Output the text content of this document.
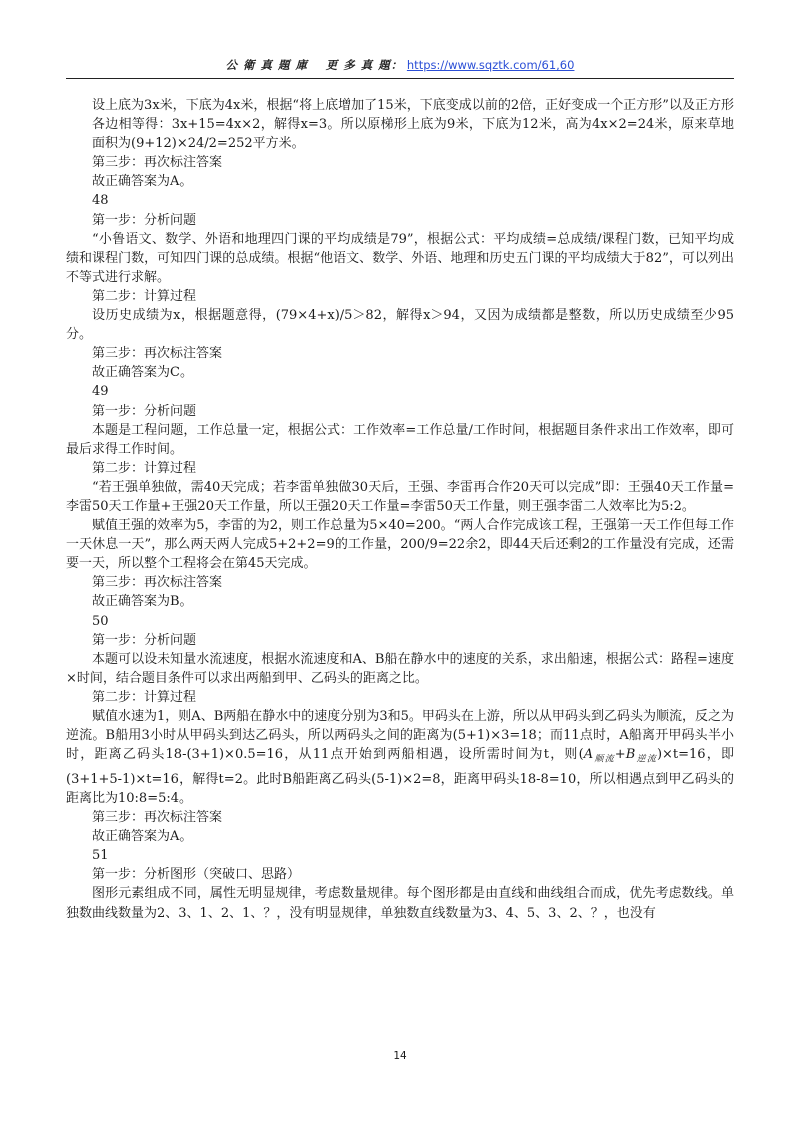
公 衛 真 題 庫 更 多 真 題： https://www.sqztk.com/61,60

设上底为3x米，下底为4x米，根据“将上底增加了15米，下底变成以前的2倍，正好变成一个正方形”以及正方形各边相等得：3x+15=4x×2，解得x=3。所以原梯形上底为9米，下底为12米，高为4x×2=24米，原来草地面积为(9+12)×24/2=252平方米。

第三步：再次标注答案

故正确答案为A。

48

第一步：分析问题

“小鲁语文、数学、外语和地理四门课的平均成绩是79”，根据公式：平均成绩=总成绩/课程门数，已知平均成绩和课程门数，可知四门课的总成绩。根据“他语文、数学、外语、地理和历史五门课的平均成绩大于82”，可以列出不等式进行求解。

第二步：计算过程

设历史成绩为x，根据题意得，(79×4+x)/5＞82，解得x＞94，又因为成绩都是整数，所以历史成绩至少95分。

第三步：再次标注答案

故正确答案为C。

49

第一步：分析问题

本题是工程问题，工作总量一定，根据公式：工作效率=工作总量/工作时间，根据题目条件求出工作效率，即可最后求得工作时间。

第二步：计算过程

“若王强单独做，需40天完成；若李雷单独做30天后，王强、李雷再合作20天可以完成”即：王强40天工作量=李雷50天工作量+王强20天工作量，所以王强20天工作量=李雷50天工作量，则王强李雷二人效率比为5:2。

赋值王强的效率为5，李雷的为2，则工作总量为5×40=200。“两人合作完成该工程，王强第一天工作但每工作一天休息一天”，那么两天两人完成5+2+2=9的工作量，200/9=22余2，即44天后还剩2的工作量没有完成，还需要一天，所以整个工程将会在第45天完成。

第三步：再次标注答案

故正确答案为B。

50

第一步：分析问题

本题可以设未知量水流速度，根据水流速度和A、B船在静水中的速度的关系，求出船速，根据公式：路程=速度×时间，结合题目条件可以求出两船到甲、乙码头的距离之比。

第二步：计算过程

赋值水速为1，则A、B两船在静水中的速度分别为3和5。甲码头在上游，所以从甲码头到乙码头为顺流，反之为逆流。B船用3小时从甲码头到达乙码头，所以两码头之间的距离为(5+1)×3=18；而11点时，A船离开甲码头半小时，距离乙码头18-(3+1)×0.5=16，从11点开始到两船相遇，设所需时间为t，则$(A_{顺流}+B_{逆流})\times t=16$，即(3+1+5-1)×t=16，解得t=2。此时B船距离乙码头(5-1)×2=8，距离甲码头18-8=10，所以相遇点到甲乙码头的距离比为10:8=5:4。

第三步：再次标注答案

故正确答案为A。

51

第一步：分析图形（突破口、思路）

图形元素组成不同，属性无明显规律，考虑数量规律。每个图形都是由直线和曲线组合而成，优先考虑数线。单独数曲线数量为2、3、1、2、1、？，没有明显规律，单独数直线数量为3、4、5、3、2、？，也没有

14
